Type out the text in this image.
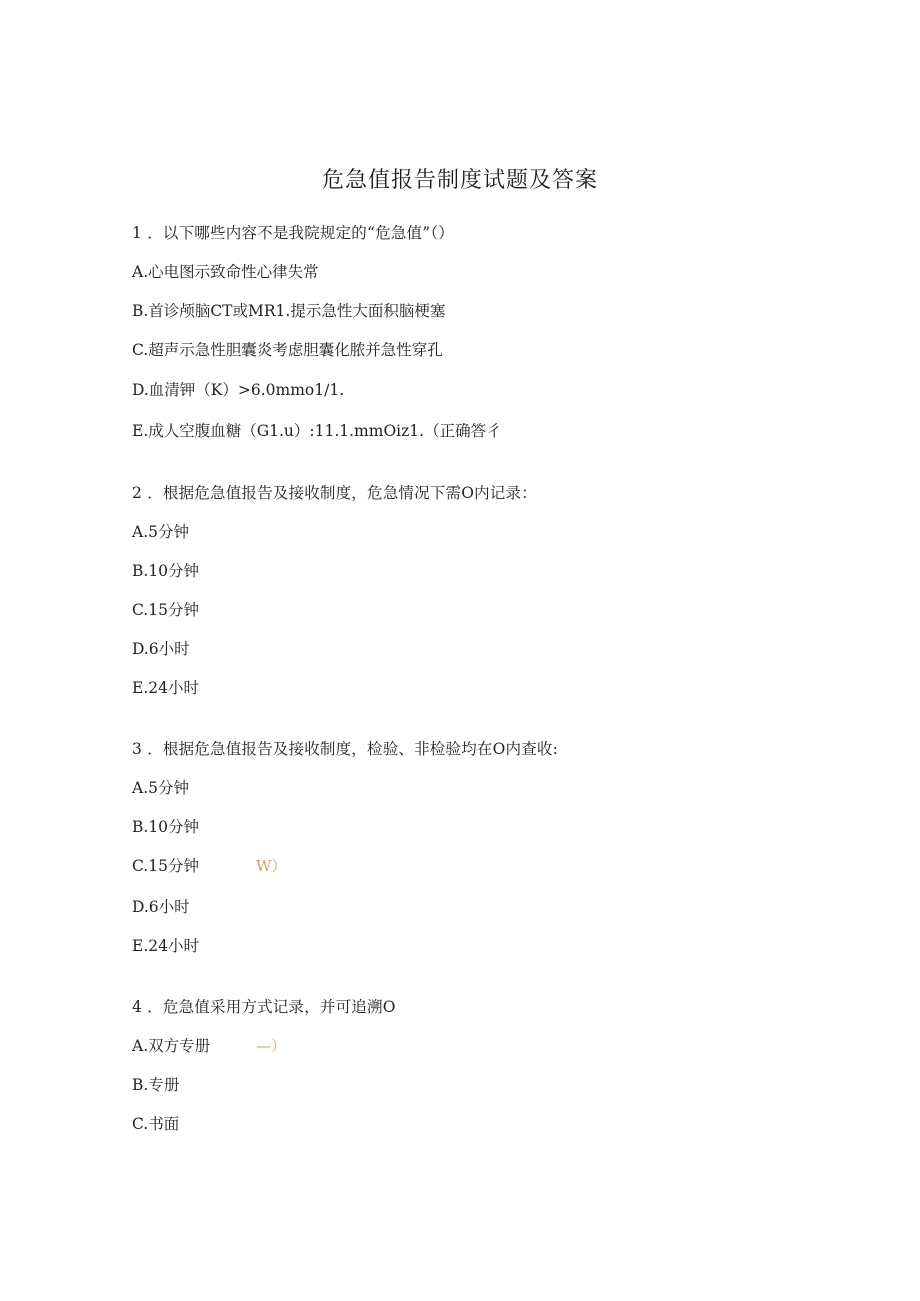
危急值报告制度试题及答案
1 ．以下哪些内容不是我院规定的“危急值”（）
A.心电图示致命性心律失常
B.首诊颅脑CT或MR1.提示急性大面积脑梗塞
C.超声示急性胆囊炎考虑胆囊化脓并急性穿孔
D.血清钾（K）>6.0mmo1∕1.
E.成人空腹血糖（G1.u）:11.1.mmOiz1.（正确答彳
2 ．根据危急值报告及接收制度，危急情况下需O内记录：
A.5分钟
B.10分钟
C.15分钟
D.6小时
E.24小时
3 ．根据危急值报告及接收制度，检验、非检验均在O内查收:
A.5分钟
B.10分钟
C.15分钟	W）
D.6小时
E.24小时
4 ．危急值采用方式记录，并可追溯O
A.双方专册	—）
B.专册
C.书面
